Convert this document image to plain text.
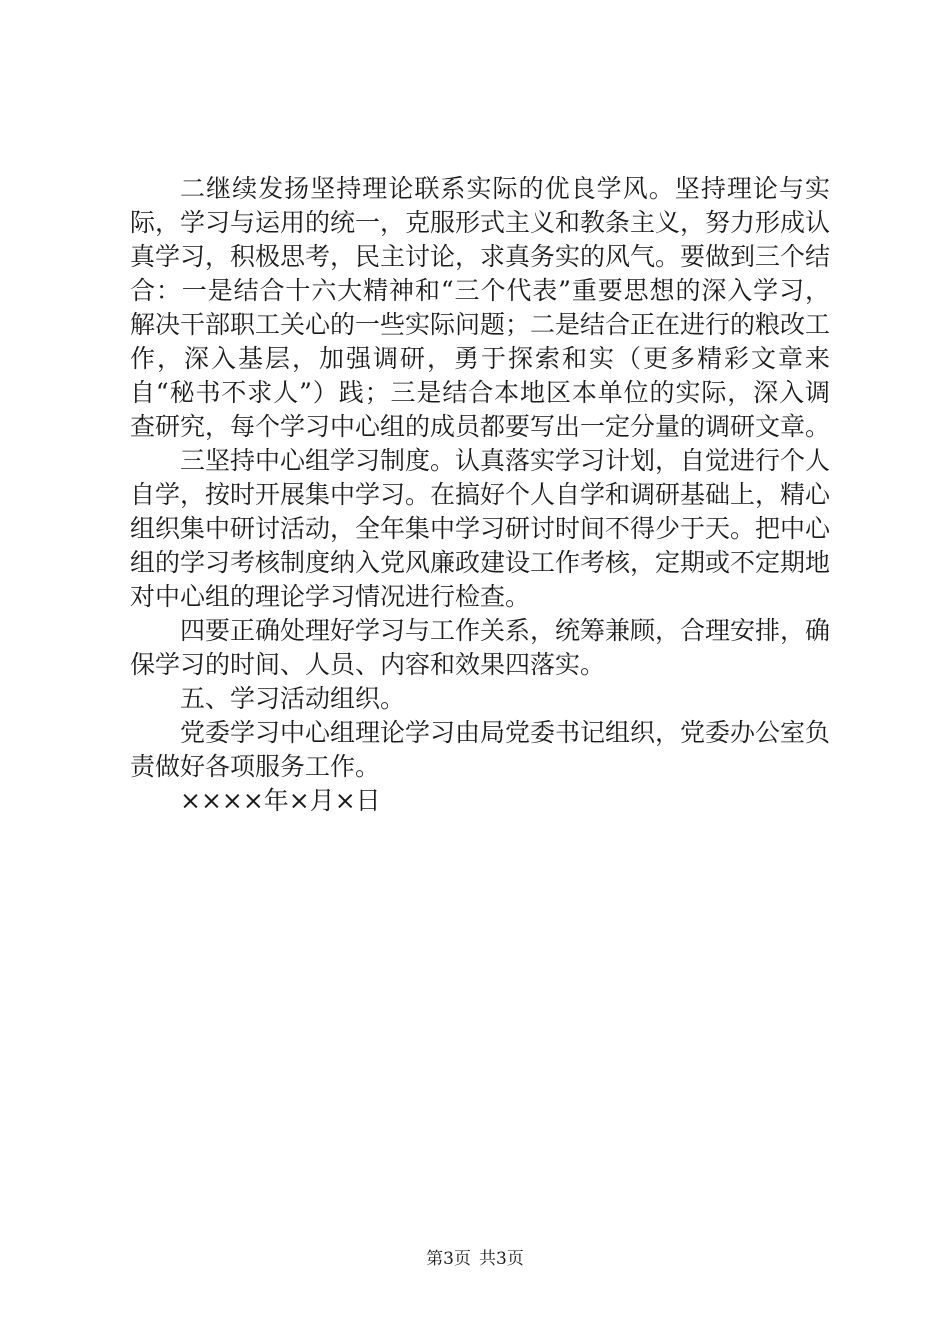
二继续发扬坚持理论联系实际的优良学风。坚持理论与实际，学习与运用的统一，克服形式主义和教条主义，努力形成认真学习，积极思考，民主讨论，求真务实的风气。要做到三个结合：一是结合十六大精神和“三个代表”重要思想的深入学习，解决干部职工关心的一些实际问题；二是结合正在进行的粮改工作，深入基层，加强调研，勇于探索和实（更多精彩文章来自“秘书不求人”）践；三是结合本地区本单位的实际，深入调查研究，每个学习中心组的成员都要写出一定分量的调研文章。

三坚持中心组学习制度。认真落实学习计划，自觉进行个人自学，按时开展集中学习。在搞好个人自学和调研基础上，精心组织集中研讨活动，全年集中学习研讨时间不得少于天。把中心组的学习考核制度纳入党风廉政建设工作考核，定期或不定期地对中心组的理论学习情况进行检查。

四要正确处理好学习与工作关系，统筹兼顾，合理安排，确保学习的时间、人员、内容和效果四落实。

五、学习活动组织。

党委学习中心组理论学习由局党委书记组织，党委办公室负责做好各项服务工作。

××××年×月×日

第3页 共3页
